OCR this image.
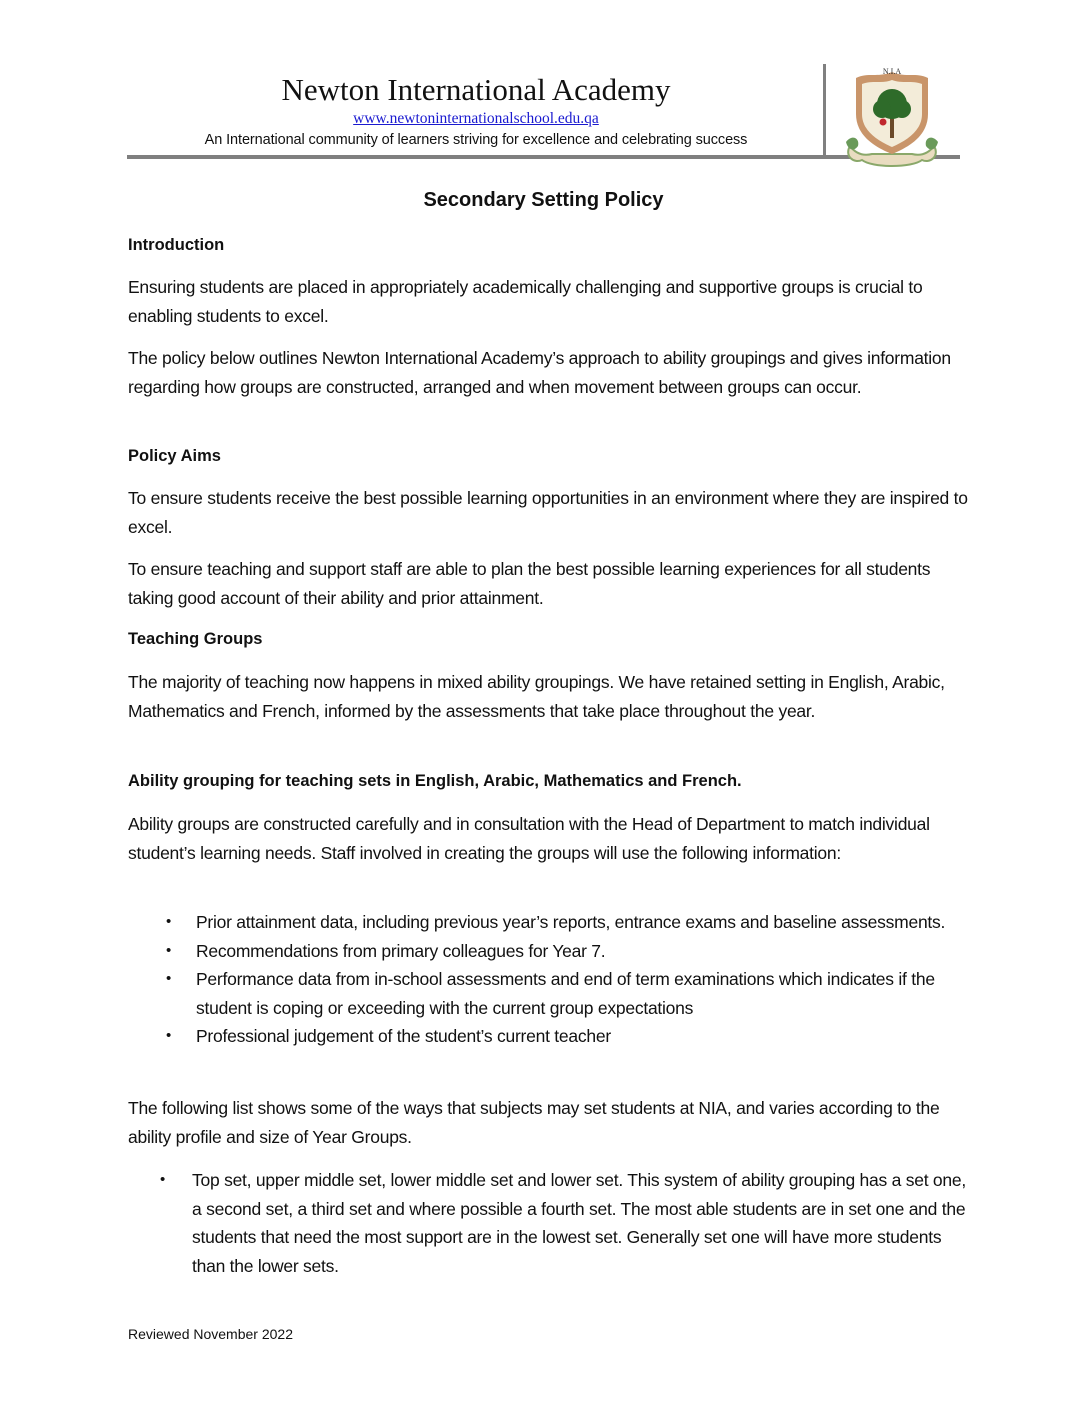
Newton International Academy
www.newtoninternationalschool.edu.qa
An International community of learners striving for excellence and celebrating success
N.I.A
Secondary Setting Policy
Introduction
Ensuring students are placed in appropriately academically challenging and supportive groups is crucial to enabling students to excel.
The policy below outlines Newton International Academy’s approach to ability groupings and gives information regarding how groups are constructed, arranged and when movement between groups can occur.
Policy Aims
To ensure students receive the best possible learning opportunities in an environment where they are inspired to excel.
To ensure teaching and support staff are able to plan the best possible learning experiences for all students taking good account of their ability and prior attainment.
Teaching Groups
The majority of teaching now happens in mixed ability groupings. We have retained setting in English, Arabic, Mathematics and French, informed by the assessments that take place throughout the year.
Ability grouping for teaching sets in English, Arabic, Mathematics and French.
Ability groups are constructed carefully and in consultation with the Head of Department to match individual student’s learning needs. Staff involved in creating the groups will use the following information:
• Prior attainment data, including previous year’s reports, entrance exams and baseline assessments.
• Recommendations from primary colleagues for Year 7.
• Performance data from in-school assessments and end of term examinations which indicates if the student is coping or exceeding with the current group expectations
• Professional judgement of the student’s current teacher
The following list shows some of the ways that subjects may set students at NIA, and varies according to the ability profile and size of Year Groups.
• Top set, upper middle set, lower middle set and lower set. This system of ability grouping has a set one, a second set, a third set and where possible a fourth set. The most able students are in set one and the students that need the most support are in the lowest set. Generally set one will have more students than the lower sets.
Reviewed November 2022
